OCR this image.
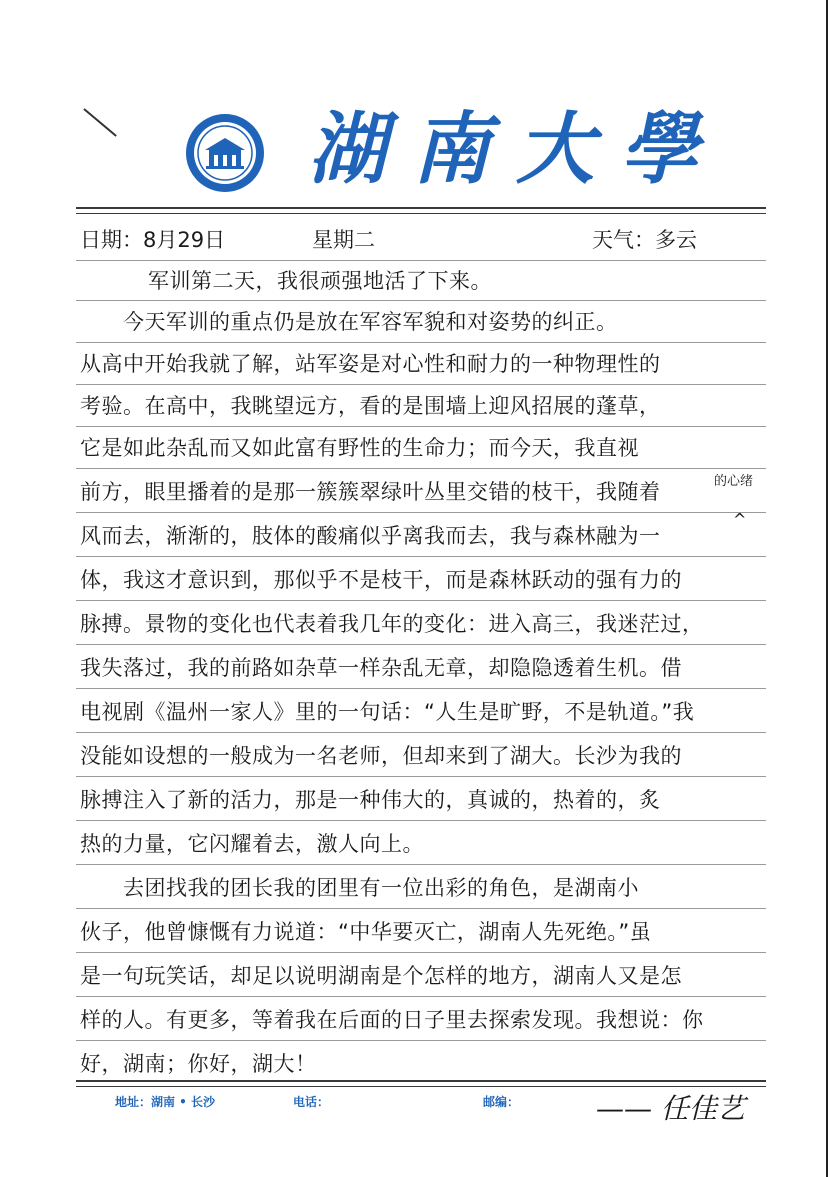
湖南大學
日期：8月29日	星期二	天气：多云
军训第二天，我很顽强地活了下来。
　　今天军训的重点仍是放在军容军貌和对姿势的纠正。
从高中开始我就了解，站军姿是对心性和耐力的一种物理性的
考验。在高中，我眺望远方，看的是围墙上迎风招展的蓬草，
它是如此杂乱而又如此富有野性的生命力；而今天，我直视
前方，眼里播着的是那一簇簇翠绿叶丛里交错的枝干，我随着
风而去，渐渐的，肢体的酸痛似乎离我而去，我与森林融为一
体，我这才意识到，那似乎不是枝干，而是森林跃动的强有力的
脉搏。景物的变化也代表着我几年的变化：进入高三，我迷茫过，
我失落过，我的前路如杂草一样杂乱无章，却隐隐透着生机。借
电视剧《温州一家人》里的一句话：“人生是旷野，不是轨道。”我
没能如设想的一般成为一名老师，但却来到了湖大。长沙为我的
脉搏注入了新的活力，那是一种伟大的，真诚的，热着的，炙
热的力量，它闪耀着去，激人向上。
　　去团找我的团长我的团里有一位出彩的角色，是湖南小
伙子，他曾慷慨有力说道：“中华要灭亡，湖南人先死绝。”虽
是一句玩笑话，却足以说明湖南是个怎样的地方，湖南人又是怎
样的人。有更多，等着我在后面的日子里去探索发现。我想说：你
好，湖南；你好，湖大！
的心绪
^
地址：湖南 • 长沙	电话：	邮编：	—— 任佳艺
